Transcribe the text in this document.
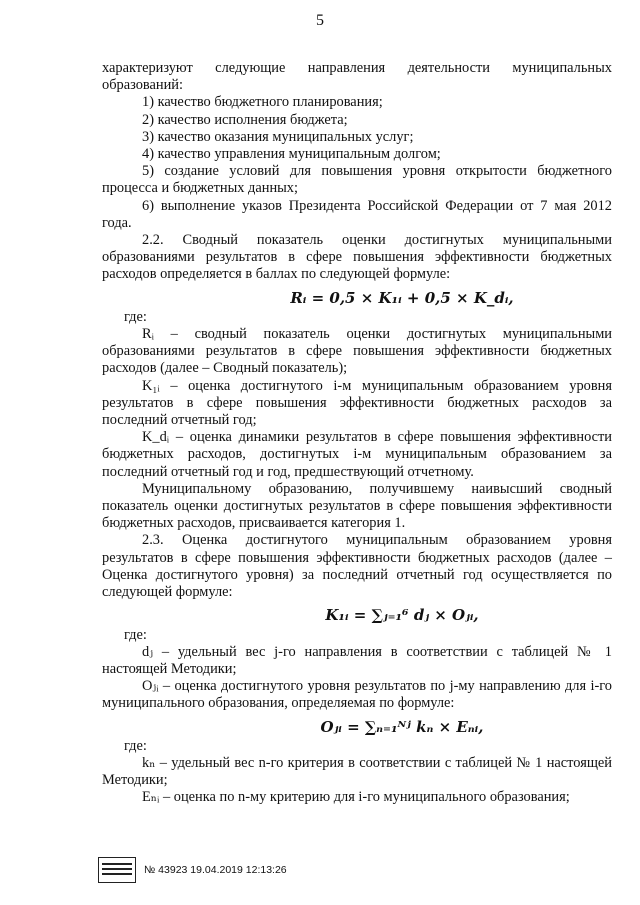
5

характеризуют следующие направления деятельности муниципальных образований:

1) качество бюджетного планирования;

2) качество исполнения бюджета;

3) качество оказания муниципальных услуг;

4) качество управления муниципальным долгом;

5) создание условий для повышения уровня открытости бюджетного процесса и бюджетных данных;

6) выполнение указов Президента Российской Федерации от 7 мая 2012 года.

2.2. Сводный показатель оценки достигнутых муниципальными образованиями результатов в сфере повышения эффективности бюджетных расходов определяется в баллах по следующей формуле:

Rᵢ = 0,5 × K₁ᵢ + 0,5 × K_dᵢ,

где:

Rᵢ – сводный показатель оценки достигнутых муниципальными образованиями результатов в сфере повышения эффективности бюджетных расходов (далее – Сводный показатель);

K₁ᵢ – оценка достигнутого i-м муниципальным образованием уровня результатов в сфере повышения эффективности бюджетных расходов за последний отчетный год;

K_dᵢ – оценка динамики результатов в сфере повышения эффективности бюджетных расходов, достигнутых i-м муниципальным образованием за последний отчетный год и год, предшествующий отчетному.

Муниципальному образованию, получившему наивысший сводный показатель оценки достигнутых результатов в сфере повышения эффективности бюджетных расходов, присваивается категория 1.

2.3. Оценка достигнутого муниципальным образованием уровня результатов в сфере повышения эффективности бюджетных расходов (далее – Оценка достигнутого уровня) за последний отчетный год осуществляется по следующей формуле:

K₁ᵢ = ∑ⱼ₌₁⁶ dⱼ × Oⱼᵢ,

где:

dⱼ – удельный вес j-го направления в соответствии с таблицей № 1 настоящей Методики;

Oⱼᵢ – оценка достигнутого уровня результатов по j-му направлению для i-го муниципального образования, определяемая по формуле:

Oⱼᵢ = ∑ₙ₌₁ᴺʲ kₙ × Eₙᵢ,

где:

kₙ – удельный вес n-го критерия в соответствии с таблицей № 1 настоящей Методики;

Eₙᵢ – оценка по n-му критерию для i-го муниципального образования;

№ 43923 19.04.2019 12:13:26
